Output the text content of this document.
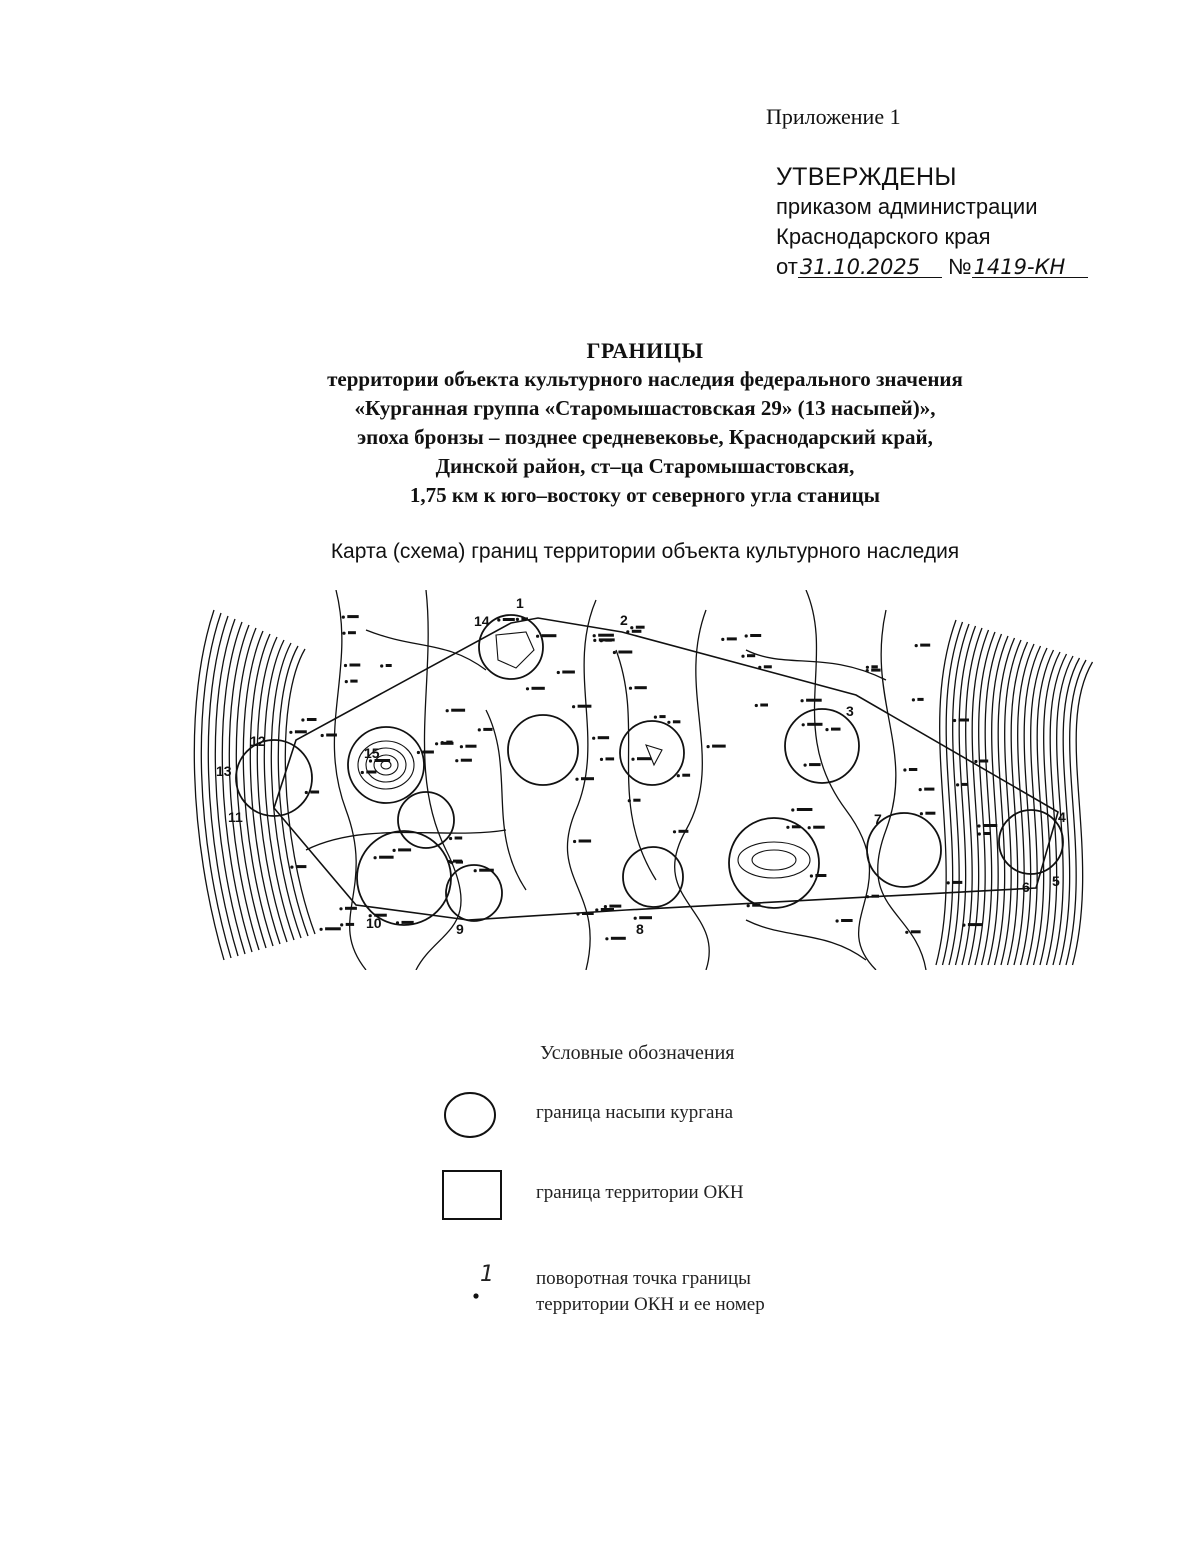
Приложение 1
УТВЕРЖДЕНЫ
приказом администрации
Краснодарского края
от31.10.2025 №1419-КН
ГРАНИЦЫ
территории объекта культурного наследия федерального значения
«Курганная группа «Старомышастовская 29» (13 насыпей)»,
эпоха бронзы – позднее средневековье, Краснодарский край,
Динской район, ст–ца Старомышастовская,
1,75 км к юго–востоку от северного угла станицы
Карта (схема) границ территории объекта культурного наследия
1
2
3
4
5
6
7
8
9
10
11
12
13
14
15
Условные обозначения
граница насыпи кургана
граница территории ОКН
1 поворотная точка границы
территории ОКН и ее номер
